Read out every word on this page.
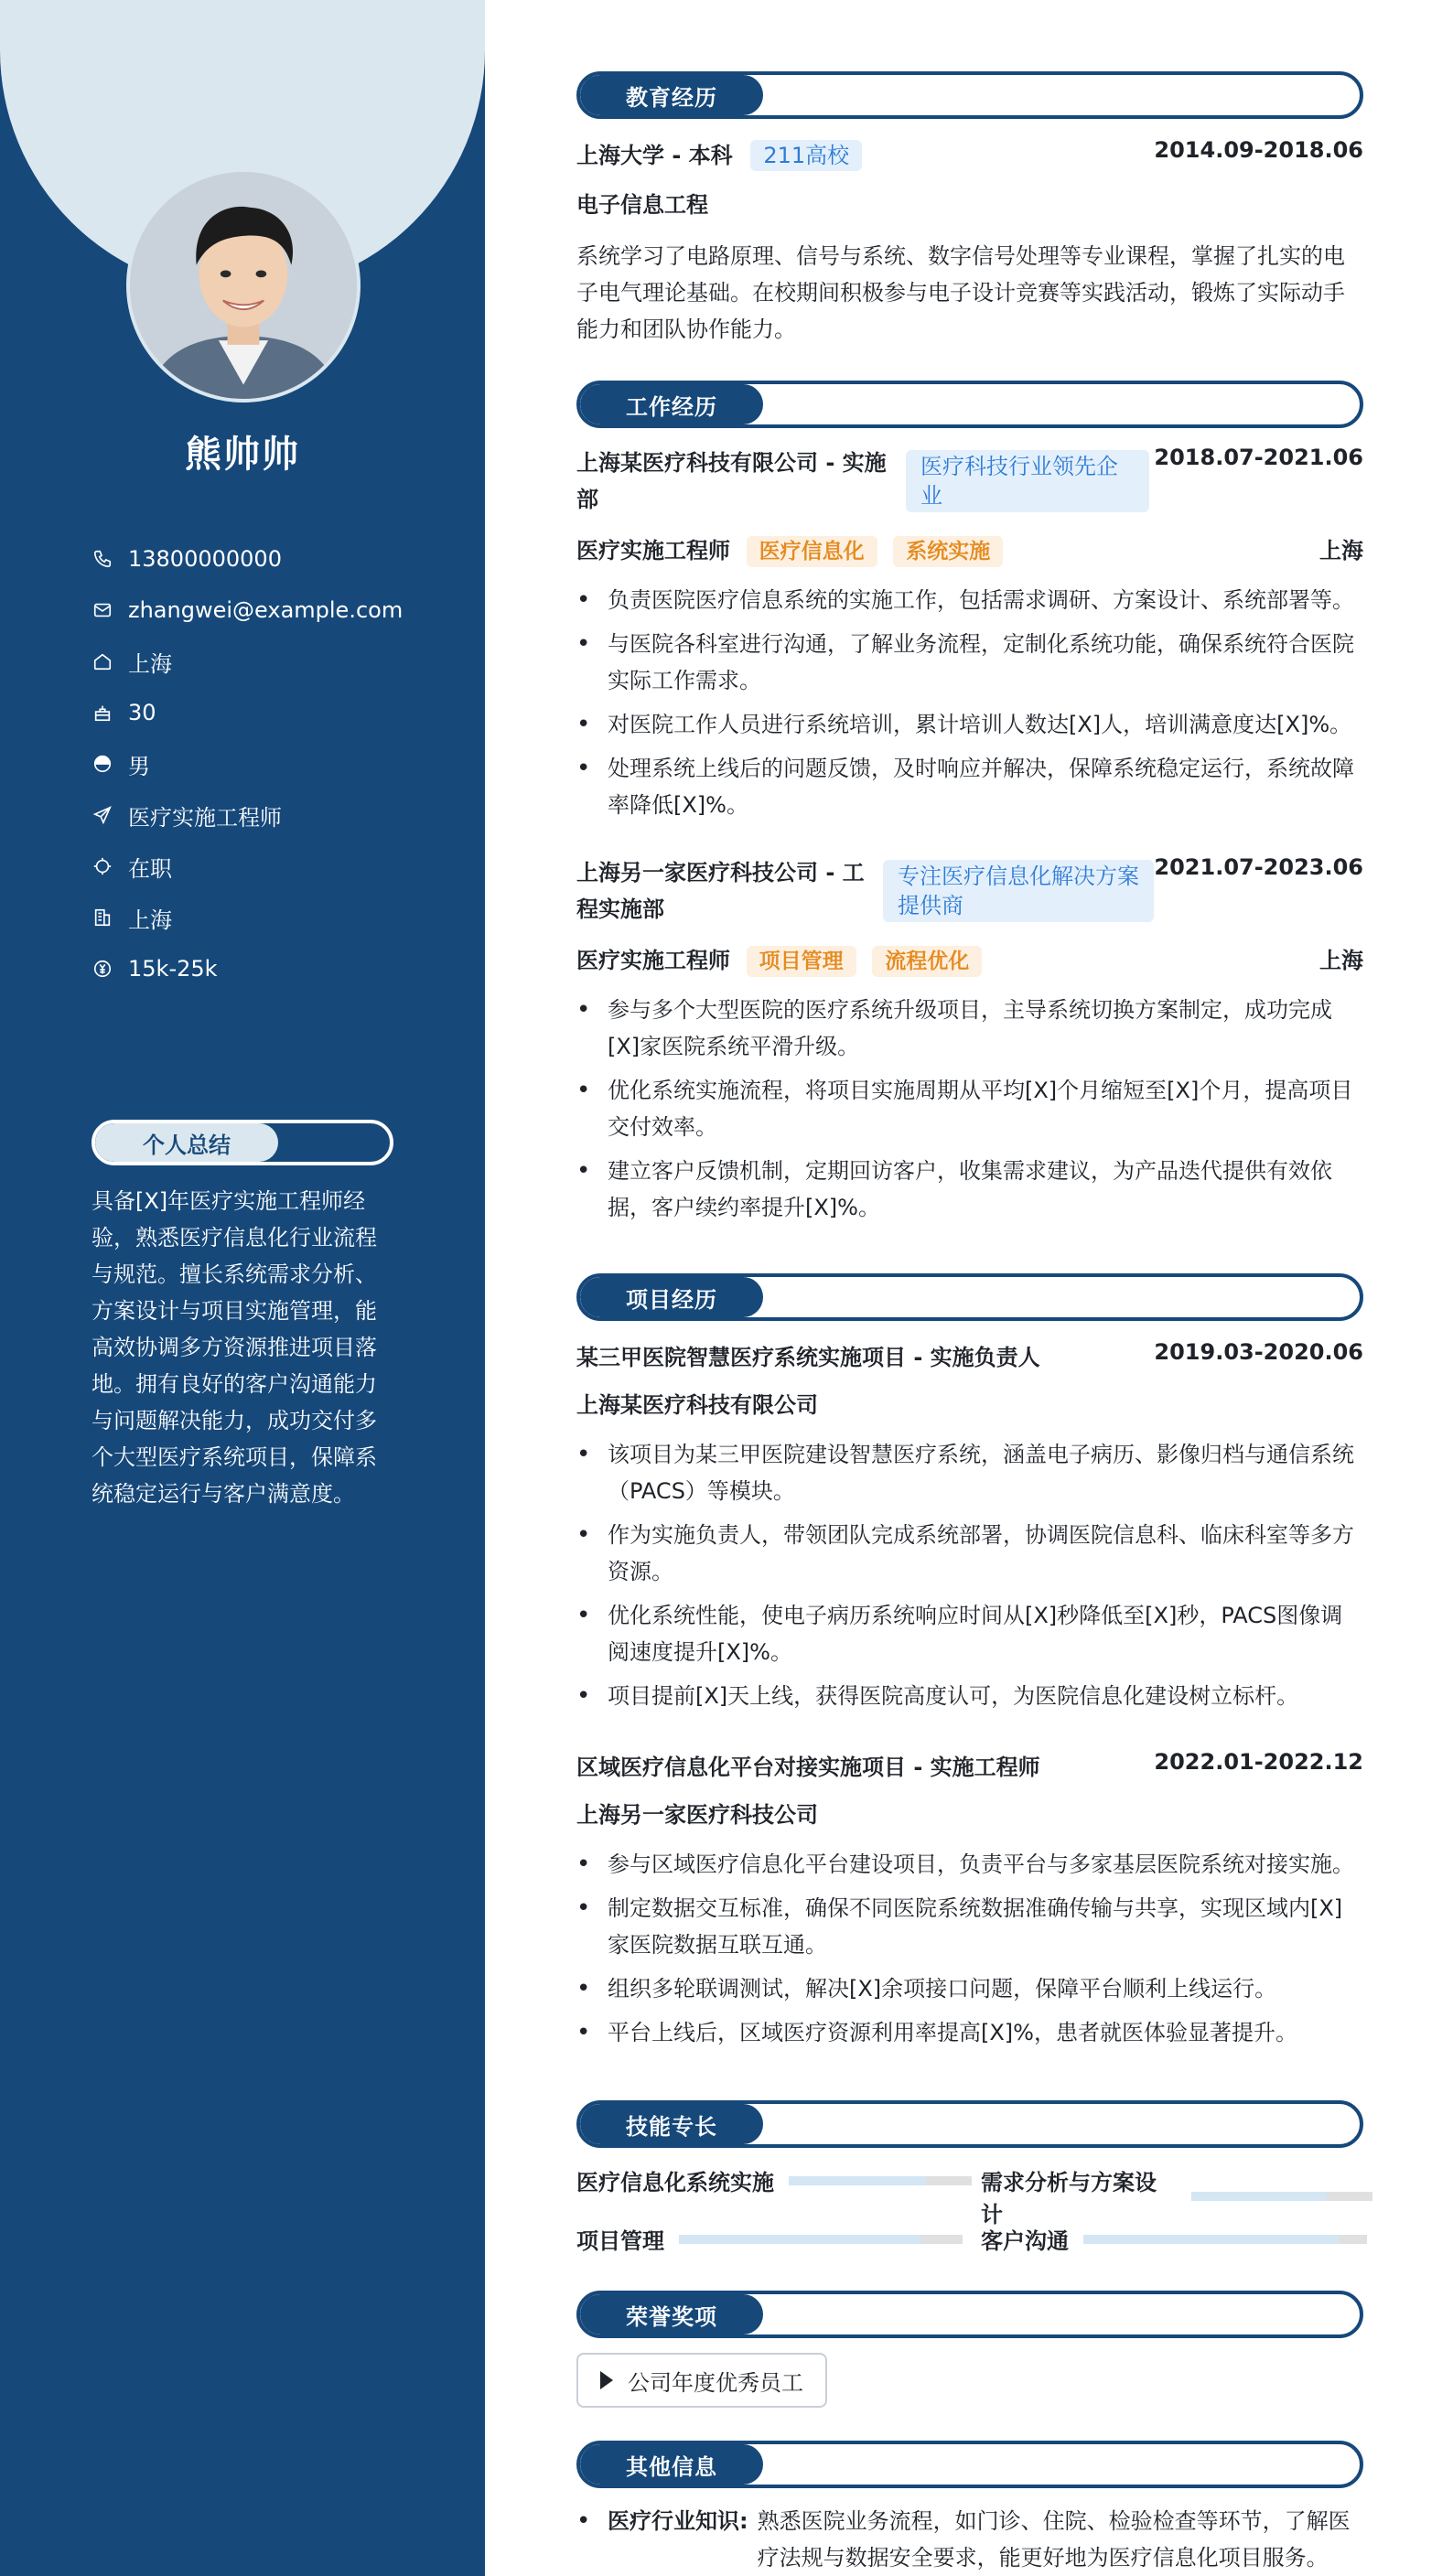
熊帅帅
13800000000
zhangwei@example.com
上海
30
男
医疗实施工程师
在职
上海
15k-25k
个人总结
具备[X]年医疗实施工程师经验，熟悉医疗信息化行业流程与规范。擅长系统需求分析、方案设计与项目实施管理，能高效协调多方资源推进项目落地。拥有良好的客户沟通能力与问题解决能力，成功交付多个大型医疗系统项目，保障系统稳定运行与客户满意度。
教育经历
上海大学 - 本科 211高校	2014.09-2018.06
电子信息工程
系统学习了电路原理、信号与系统、数字信号处理等专业课程，掌握了扎实的电子电气理论基础。在校期间积极参与电子设计竞赛等实践活动，锻炼了实际动手能力和团队协作能力。
工作经历
上海某医疗科技有限公司 - 实施部
医疗科技行业领先企业
2018.07-2021.06
医疗实施工程师 医疗信息化 系统实施	上海
• 负责医院医疗信息系统的实施工作，包括需求调研、方案设计、系统部署等。
• 与医院各科室进行沟通，了解业务流程，定制化系统功能，确保系统符合医院实际工作需求。
• 对医院工作人员进行系统培训，累计培训人数达[X]人，培训满意度达[X]%。
• 处理系统上线后的问题反馈，及时响应并解决，保障系统稳定运行，系统故障率降低[X]%。
上海另一家医疗科技公司 - 工程实施部
专注医疗信息化解决方案提供商
2021.07-2023.06
医疗实施工程师 项目管理 流程优化	上海
• 参与多个大型医院的医疗系统升级项目，主导系统切换方案制定，成功完成[X]家医院系统平滑升级。
• 优化系统实施流程，将项目实施周期从平均[X]个月缩短至[X]个月，提高项目交付效率。
• 建立客户反馈机制，定期回访客户，收集需求建议，为产品迭代提供有效依据，客户续约率提升[X]%。
项目经历
某三甲医院智慧医疗系统实施项目 - 实施负责人	2019.03-2020.06
上海某医疗科技有限公司
• 该项目为某三甲医院建设智慧医疗系统，涵盖电子病历、影像归档与通信系统（PACS）等模块。
• 作为实施负责人，带领团队完成系统部署，协调医院信息科、临床科室等多方资源。
• 优化系统性能，使电子病历系统响应时间从[X]秒降低至[X]秒，PACS图像调阅速度提升[X]%。
• 项目提前[X]天上线，获得医院高度认可，为医院信息化建设树立标杆。
区域医疗信息化平台对接实施项目 - 实施工程师	2022.01-2022.12
上海另一家医疗科技公司
• 参与区域医疗信息化平台建设项目，负责平台与多家基层医院系统对接实施。
• 制定数据交互标准，确保不同医院系统数据准确传输与共享，实现区域内[X]家医院数据互联互通。
• 组织多轮联调测试，解决[X]余项接口问题，保障平台顺利上线运行。
• 平台上线后，区域医疗资源利用率提高[X]%，患者就医体验显著提升。
技能专长
医疗信息化系统实施	需求分析与方案设计
项目管理	客户沟通
荣誉奖项
公司年度优秀员工
其他信息
• 医疗行业知识: 熟悉医院业务流程，如门诊、住院、检验检查等环节，了解医疗法规与数据安全要求，能更好地为医疗信息化项目服务。
